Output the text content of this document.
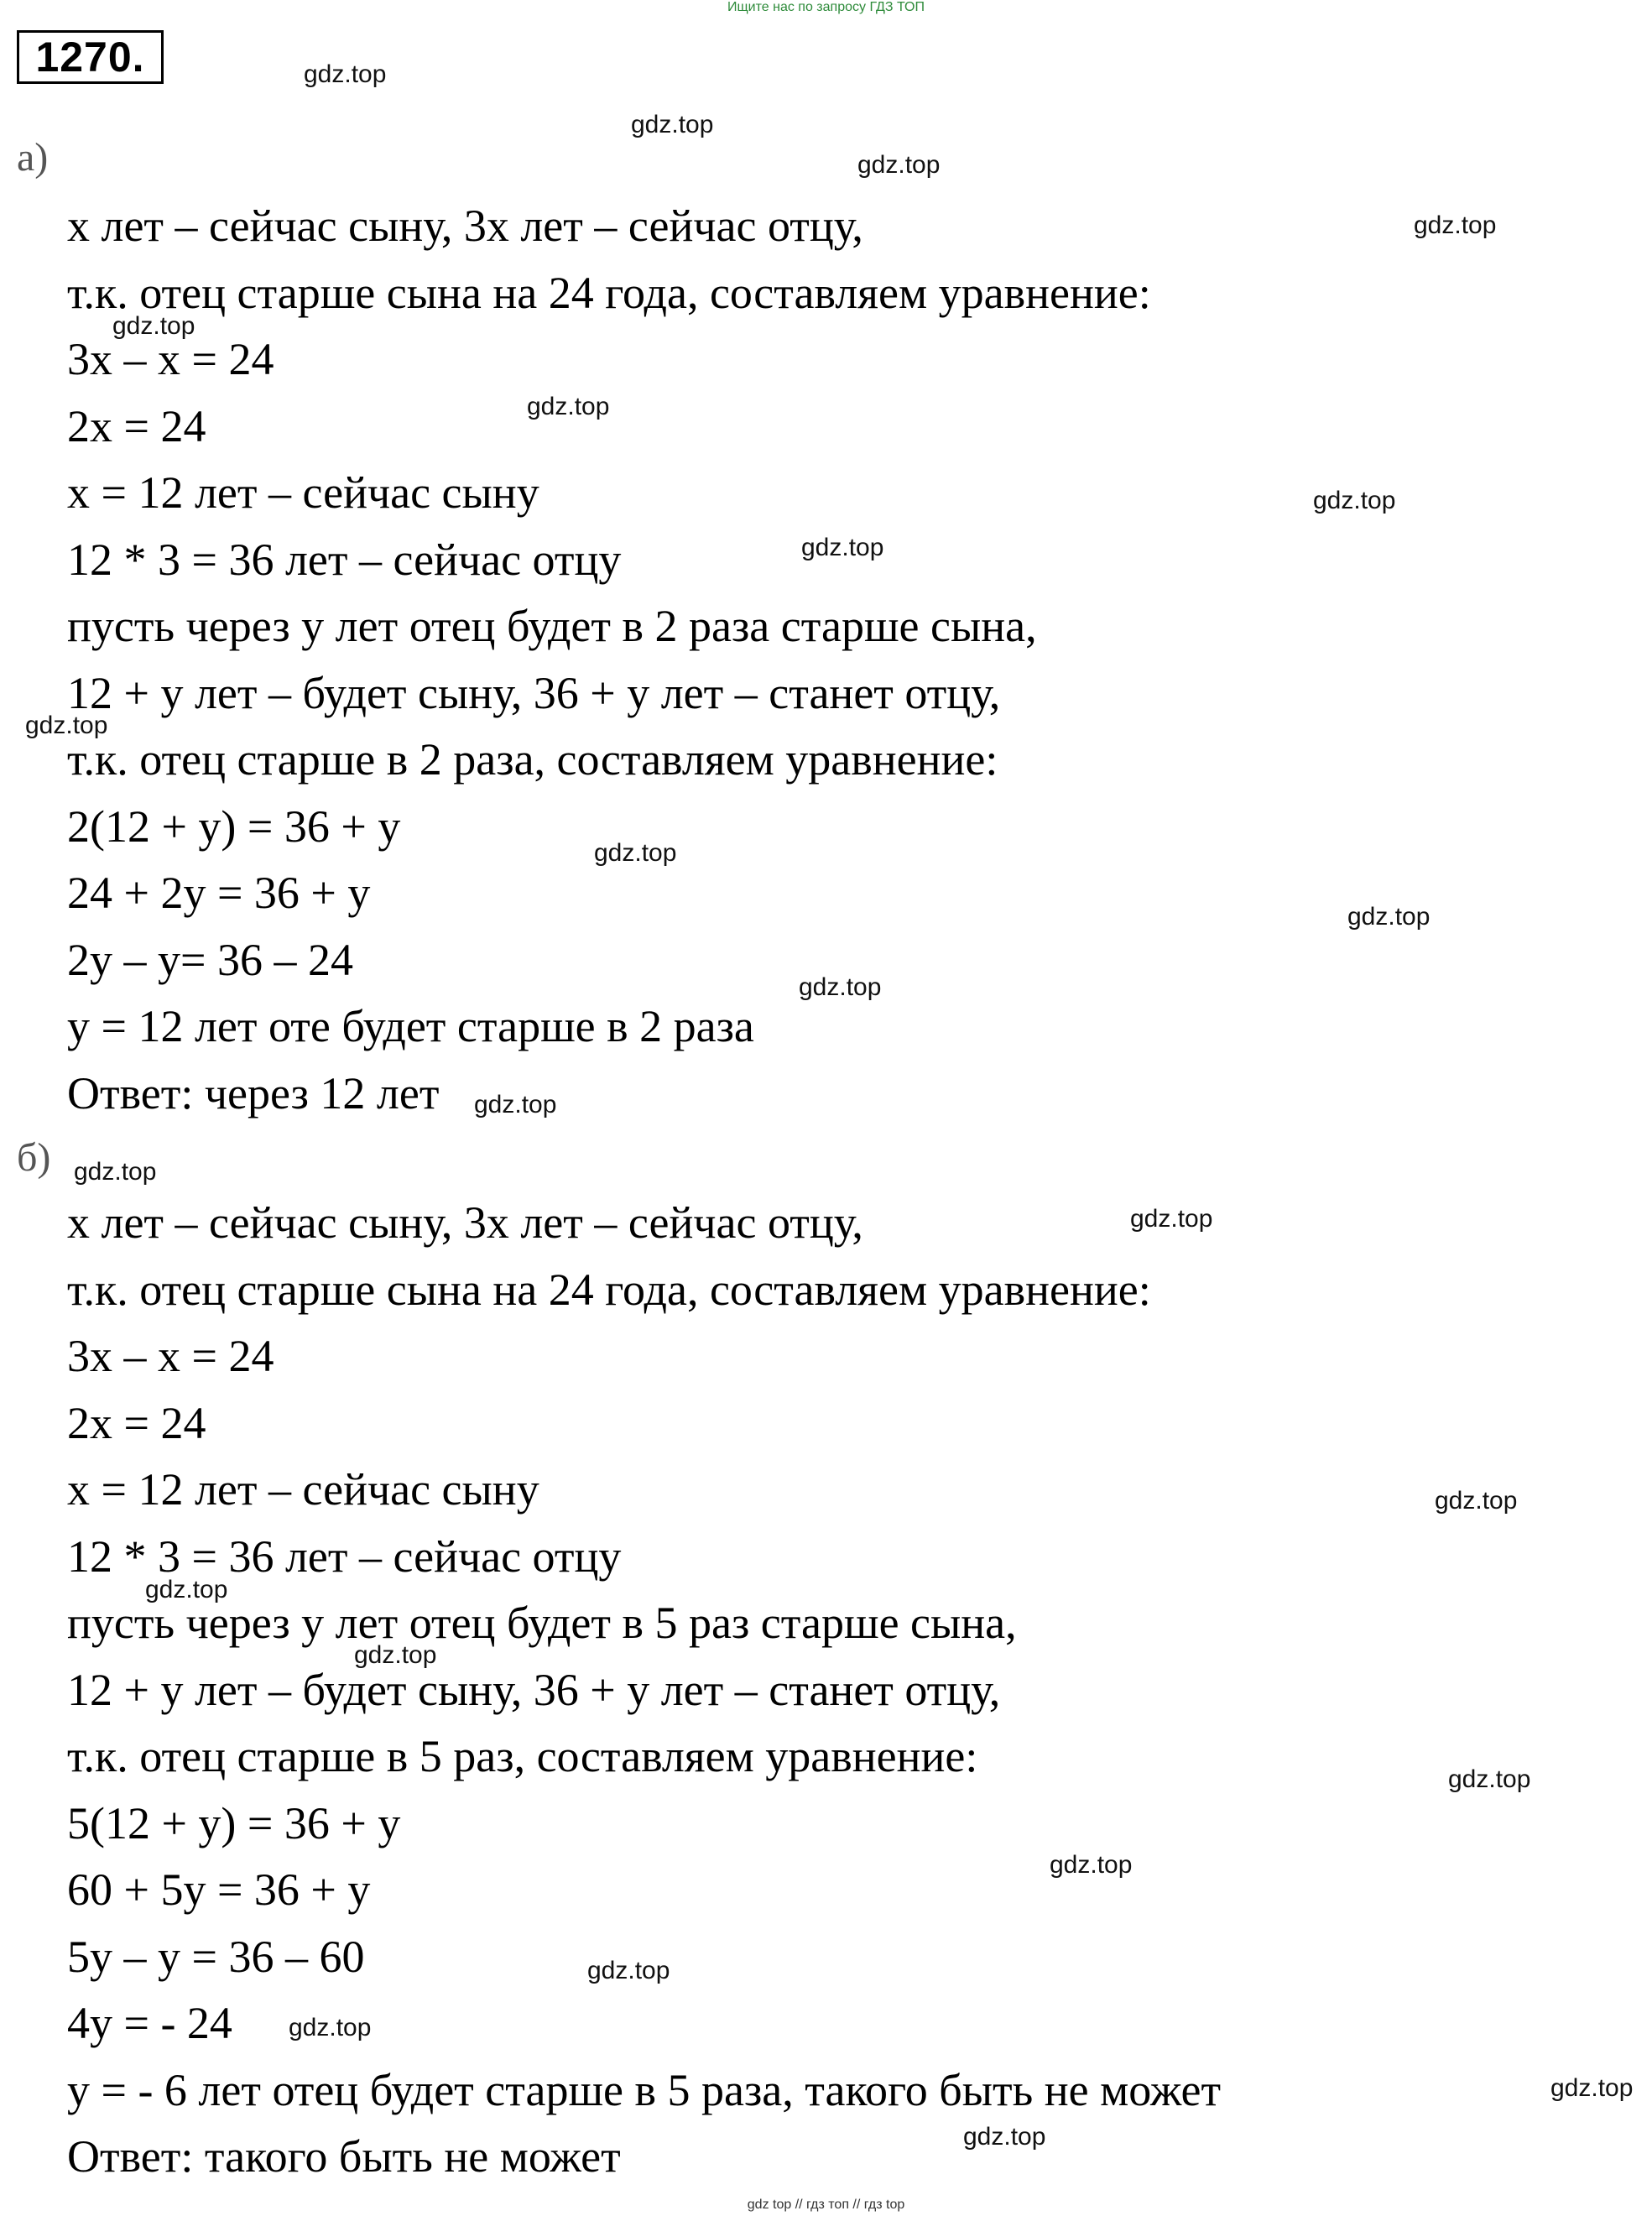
Ищите нас по запросу ГДЗ ТОП
1270.
а)
x лет – сейчас сыну, 3x лет – сейчас отцу,
т.к. отец старше сына на 24 года, составляем уравнение:
3x – x = 24
2x = 24
x = 12 лет – сейчас сыну
12 * 3 = 36 лет – сейчас отцу
пусть через y лет отец будет в 2 раза старше сына,
12 + y лет – будет сыну, 36 + y лет – станет отцу,
т.к. отец старше в 2 раза, составляем уравнение:
2(12 + y) = 36 + y
24 + 2y = 36 + y
2y – y= 36 – 24
y = 12 лет оте будет старше в 2 раза
Ответ: через 12 лет
б)
x лет – сейчас сыну, 3x лет – сейчас отцу,
т.к. отец старше сына на 24 года, составляем уравнение:
3x – x = 24
2x = 24
x = 12 лет – сейчас сыну
12 * 3 = 36 лет – сейчас отцу
пусть через y лет отец будет в 5 раз старше сына,
12 + y лет – будет сыну, 36 + y лет – станет отцу,
т.к. отец старше в 5 раз, составляем уравнение:
5(12 + y) = 36 + y
60 + 5y = 36 + y
5y – y = 36 – 60
4y = - 24
y = - 6 лет отец будет старше в 5 раза, такого быть не может
Ответ: такого быть не может
gdz.top
gdz.top
gdz.top
gdz.top
gdz.top
gdz.top
gdz.top
gdz.top
gdz.top
gdz.top
gdz.top
gdz.top
gdz.top
gdz.top
gdz.top
gdz.top
gdz.top
gdz.top
gdz.top
gdz.top
gdz.top
gdz.top
gdz.top
gdz.top
gdz top // гдз топ // гдз top
